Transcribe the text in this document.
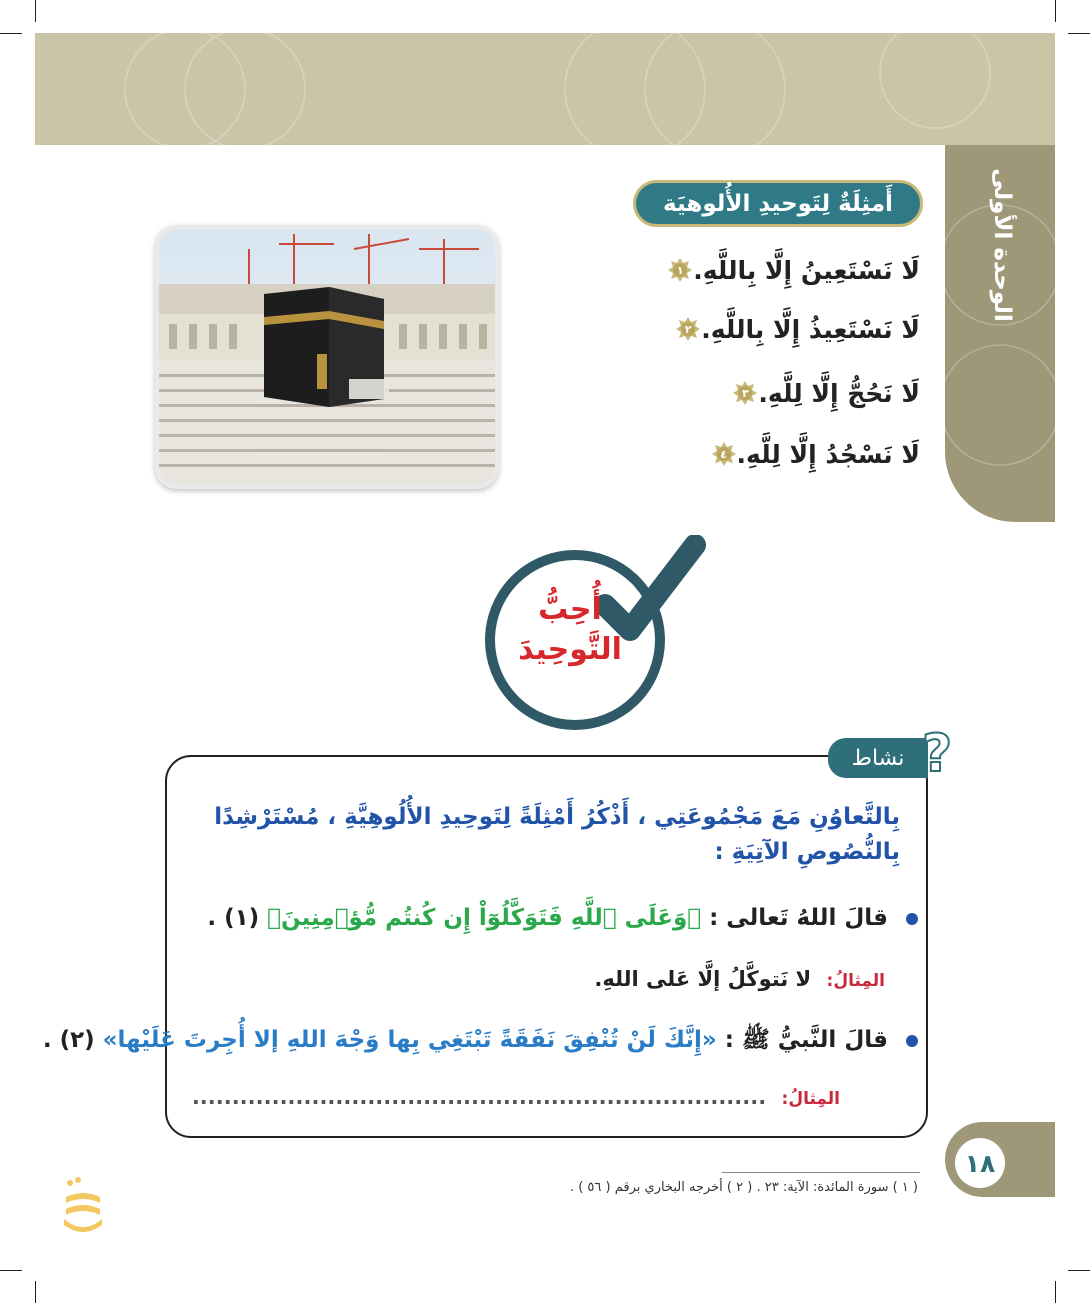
الوحدة الأولى
أَمثِلَةٌ لِتَوحيدِ الأُلوهيَة
١ لَا نَسْتَعِينُ إِلَّا بِاللَّهِ.
٢ لَا نَسْتَعِيذُ إِلَّا بِاللَّهِ.
٣ لَا نَحُجُّ إِلَّا لِلَّهِ.
٤ لَا نَسْجُدُ إِلَّا لِلَّهِ.
أُحِبُّ
التَّوحِيدَ
نشاط ?
بِالتَّعاوُنِ مَعَ مَجْمُوعَتِي ، أَذْكُرُ أَمْثِلَةً لِتَوحِيدِ الأُلُوهِيَّةِ ، مُسْتَرْشِدًا بِالنُّصُوصِ الآتِيَةِ :
قالَ اللهُ تَعالى : ﴿وَعَلَى ٱللَّهِ فَتَوَكَّلُوٓاْ إِن كُنتُم مُّؤۡمِنِينَ﴾ (١) .
المِثالُ: لا نَتوكَّلُ إلَّا عَلى اللهِ.
قالَ النَّبيُّ ﷺ : «إِنَّكَ لَنْ تُنْفِقَ نَفَقَةً تَبْتَغِي بِها وَجْهَ اللهِ إلا أُجِرتَ عَلَيْها» (٢) .
المِثالُ: ........................................................................
١٨
( ١ ) سورة المائدة: الآية: ٢٣ . ( ٢ ) أخرجه البخاري برقم ( ٥٦ ) .
